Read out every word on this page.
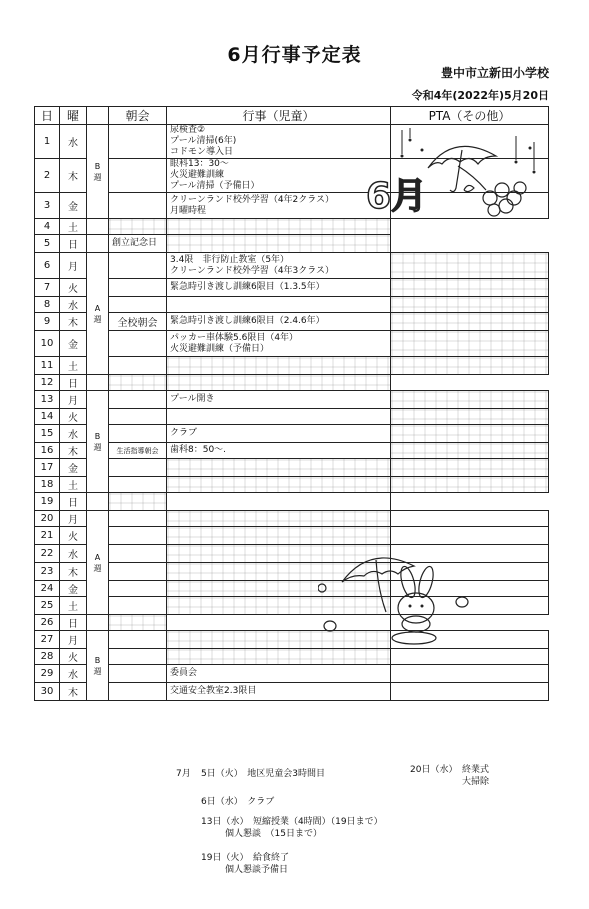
6月行事予定表
豊中市立新田小学校
令和4年(2022年)5月20日
日	曜		朝会	行事（児童）	PTA（その他）
1	水	B
週		尿検査②
プール清掃(6年)
コドモン導入日	

2	木			眼科13：30～
火災避難訓練
プール清掃（予備日）	

3	金			クリーンランド校外学習（4年2クラス）
月曜時程	

4	土				
5	日		創立記念日		

6	月	A
週		3.4限　非行防止教室（5年）
クリーンランド校外学習（4年3クラス）	

7	火			緊急時引き渡し訓練6限目（1.3.5年）	

8	水				
9	木		全校朝会	緊急時引き渡し訓練6限目（2.4.6年）	

10	金			パッカー車体験5.6限目（4年）
火災避難訓練（予備日）	

11	土				
12	日				
13	月	B
週		プール開き	

14	火				
15	水			クラブ	

16	木		生活指導朝会	歯科8：50～.	

17	金				
18	土				
19	日				
20	月	A
週			
21	火				
22	水				
23	木				
24	金				
25	土				
26	日				
27	月	B
週			
28	火				
29	水			委員会	

30	木			交通安全教室2.3限目	

6月
7月 5日（火）　地区児童会3時間目
6日（水）　クラブ
13日（水）　短縮授業（4時間）（19日まで）
個人懇談　（15日まで）
19日（火）　給食終了
個人懇談予備日
20日（水）　終業式
大掃除
